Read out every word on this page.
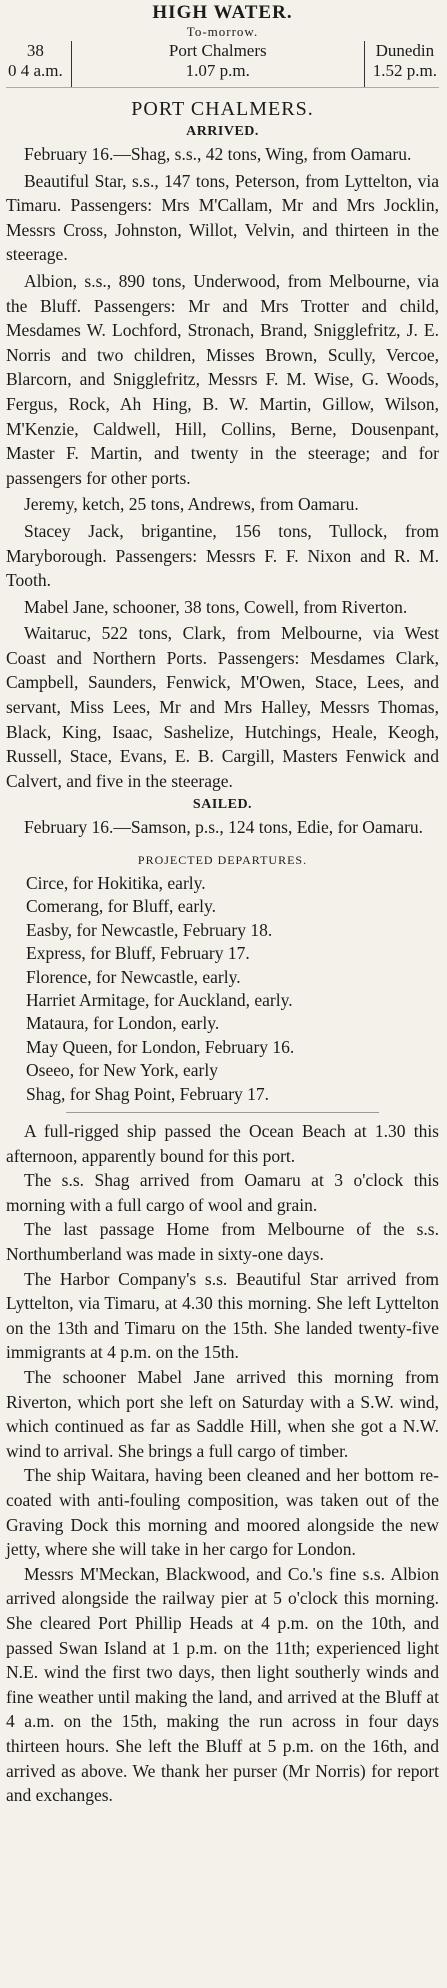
HIGH WATER.
To-morrow.
38
0 4 a.m.
Port Chalmers
1.07 p.m.
Dunedin
1.52 p.m.
PORT CHALMERS.
ARRIVED.

February 16.—Shag, s.s., 42 tons, Wing, from Oamaru.

Beautiful Star, s.s., 147 tons, Peterson, from Lyttelton, via Timaru. Passengers: Mrs M'Callam, Mr and Mrs Jocklin, Messrs Cross, Johnston, Willot, Velvin, and thirteen in the steerage.

Albion, s.s., 890 tons, Underwood, from Melbourne, via the Bluff. Passengers: Mr and Mrs Trotter and child, Mesdames W. Lochford, Stronach, Brand, Snigglefritz, J. E. Norris and two children, Misses Brown, Scully, Vercoe, Blarcorn, and Snigglefritz, Messrs F. M. Wise, G. Woods, Fergus, Rock, Ah Hing, B. W. Martin, Gillow, Wilson, M'Kenzie, Caldwell, Hill, Collins, Berne, Dousenpant, Master F. Martin, and twenty in the steerage; and for passengers for other ports.

Jeremy, ketch, 25 tons, Andrews, from Oamaru.

Stacey Jack, brigantine, 156 tons, Tullock, from Maryborough. Passengers: Messrs F. F. Nixon and R. M. Tooth.

Mabel Jane, schooner, 38 tons, Cowell, from Riverton.

Waitaruc, 522 tons, Clark, from Melbourne, via West Coast and Northern Ports. Passengers: Mesdames Clark, Campbell, Saunders, Fenwick, M'Owen, Stace, Lees, and servant, Miss Lees, Mr and Mrs Halley, Messrs Thomas, Black, King, Isaac, Sashelize, Hutchings, Heale, Keogh, Russell, Stace, Evans, E. B. Cargill, Masters Fenwick and Calvert, and five in the steerage.

SAILED.

February 16.—Samson, p.s., 124 tons, Edie, for Oamaru.

PROJECTED DEPARTURES.
Circe, for Hokitika, early.
Comerang, for Bluff, early.
Easby, for Newcastle, February 18.
Express, for Bluff, February 17.
Florence, for Newcastle, early.
Harriet Armitage, for Auckland, early.
Mataura, for London, early.
May Queen, for London, February 16.
Oseeo, for New York, early
Shag, for Shag Point, February 17.

A full-rigged ship passed the Ocean Beach at 1.30 this afternoon, apparently bound for this port.

The s.s. Shag arrived from Oamaru at 3 o'clock this morning with a full cargo of wool and grain.

The last passage Home from Melbourne of the s.s. Northumberland was made in sixty-one days.

The Harbor Company's s.s. Beautiful Star arrived from Lyttelton, via Timaru, at 4.30 this morning. She left Lyttelton on the 13th and Timaru on the 15th. She landed twenty-five immigrants at 4 p.m. on the 15th.

The schooner Mabel Jane arrived this morning from Riverton, which port she left on Saturday with a S.W. wind, which continued as far as Saddle Hill, when she got a N.W. wind to arrival. She brings a full cargo of timber.

The ship Waitara, having been cleaned and her bottom re-coated with anti-fouling composition, was taken out of the Graving Dock this morning and moored alongside the new jetty, where she will take in her cargo for London.

Messrs M'Meckan, Blackwood, and Co.'s fine s.s. Albion arrived alongside the railway pier at 5 o'clock this morning. She cleared Port Phillip Heads at 4 p.m. on the 10th, and passed Swan Island at 1 p.m. on the 11th; experienced light N.E. wind the first two days, then light southerly winds and fine weather until making the land, and arrived at the Bluff at 4 a.m. on the 15th, making the run across in four days thirteen hours. She left the Bluff at 5 p.m. on the 16th, and arrived as above. We thank her purser (Mr Norris) for report and exchanges.
